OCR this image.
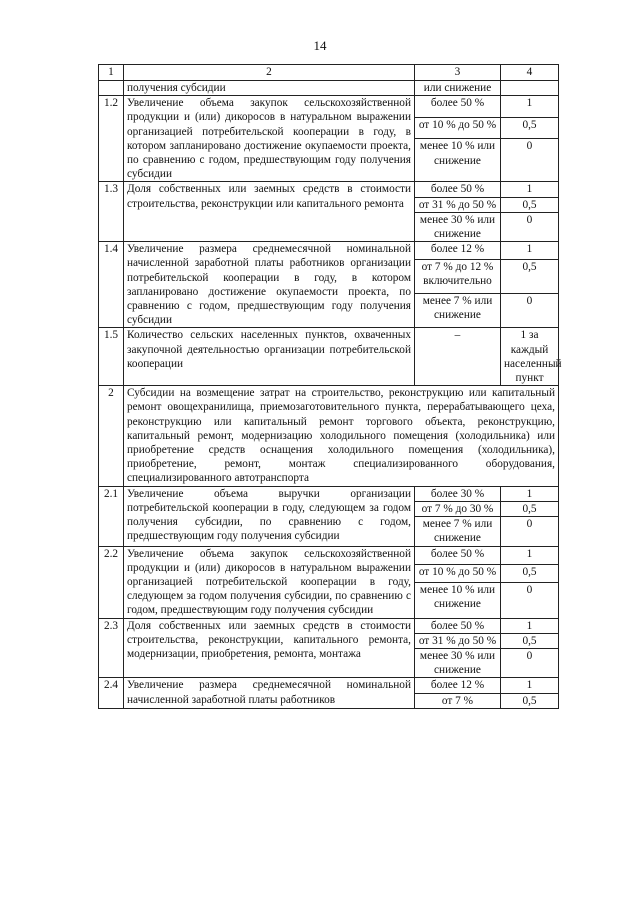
14
1	2	3	4
	получения субсидии	или снижение	
1.2	Увеличение объема закупок сельскохозяйственной продукции и (или) дикоросов в натуральном выражении организацией потребительской кооперации в году, в котором запланировано достижение окупаемости проекта, по сравнению с годом, предшествующим году получения субсидии	более 50 %	1
		от 10 % до 50 %	0,5
		менее 10 % или снижение	0
1.3	Доля собственных или заемных средств в стоимости строительства, реконструкции или капитального ремонта	более 50 %	1
		от 31 % до 50 %	0,5
		менее 30 % или снижение	0
1.4	Увеличение размера среднемесячной номинальной начисленной заработной платы работников организации потребительской кооперации в году, в котором запланировано достижение окупаемости проекта, по сравнению с годом, предшествующим году получения субсидии	более 12 %	1
		от 7 % до 12 % включительно	0,5
		менее 7 % или снижение	0
1.5	Количество сельских населенных пунктов, охваченных закупочной деятельностью организации потребительской кооперации	–	1 за каждый населенный пункт
2	Субсидии на возмещение затрат на строительство, реконструкцию или капитальный ремонт овощехранилища, приемозаготовительного пункта, перерабатывающего цеха, реконструкцию или капитальный ремонт торгового объекта, реконструкцию, капитальный ремонт, модернизацию холодильного помещения (холодильника) или приобретение средств оснащения холодильного помещения (холодильника), приобретение, ремонт, монтаж специализированного оборудования, специализированного автотранспорта		
2.1	Увеличение объема выручки организации потребительской кооперации в году, следующем за годом получения субсидии, по сравнению с годом, предшествующим году получения субсидии	более 30 %	1
		от 7 % до 30 %	0,5
		менее 7 % или снижение	0
2.2	Увеличение объема закупок сельскохозяйственной продукции и (или) дикоросов в натуральном выражении организацией потребительской кооперации в году, следующем за годом получения субсидии, по сравнению с годом, предшествующим году получения субсидии	более 50 %	1
		от 10 % до 50 %	0,5
		менее 10 % или снижение	0
2.3	Доля собственных или заемных средств в стоимости строительства, реконструкции, капитального ремонта, модернизации, приобретения, ремонта, монтажа	более 50 %	1
		от 31 % до 50 %	0,5
		менее 30 % или снижение	0
2.4	Увеличение размера среднемесячной номинальной начисленной заработной платы работников	более 12 %	1
		от 7 %	0,5
